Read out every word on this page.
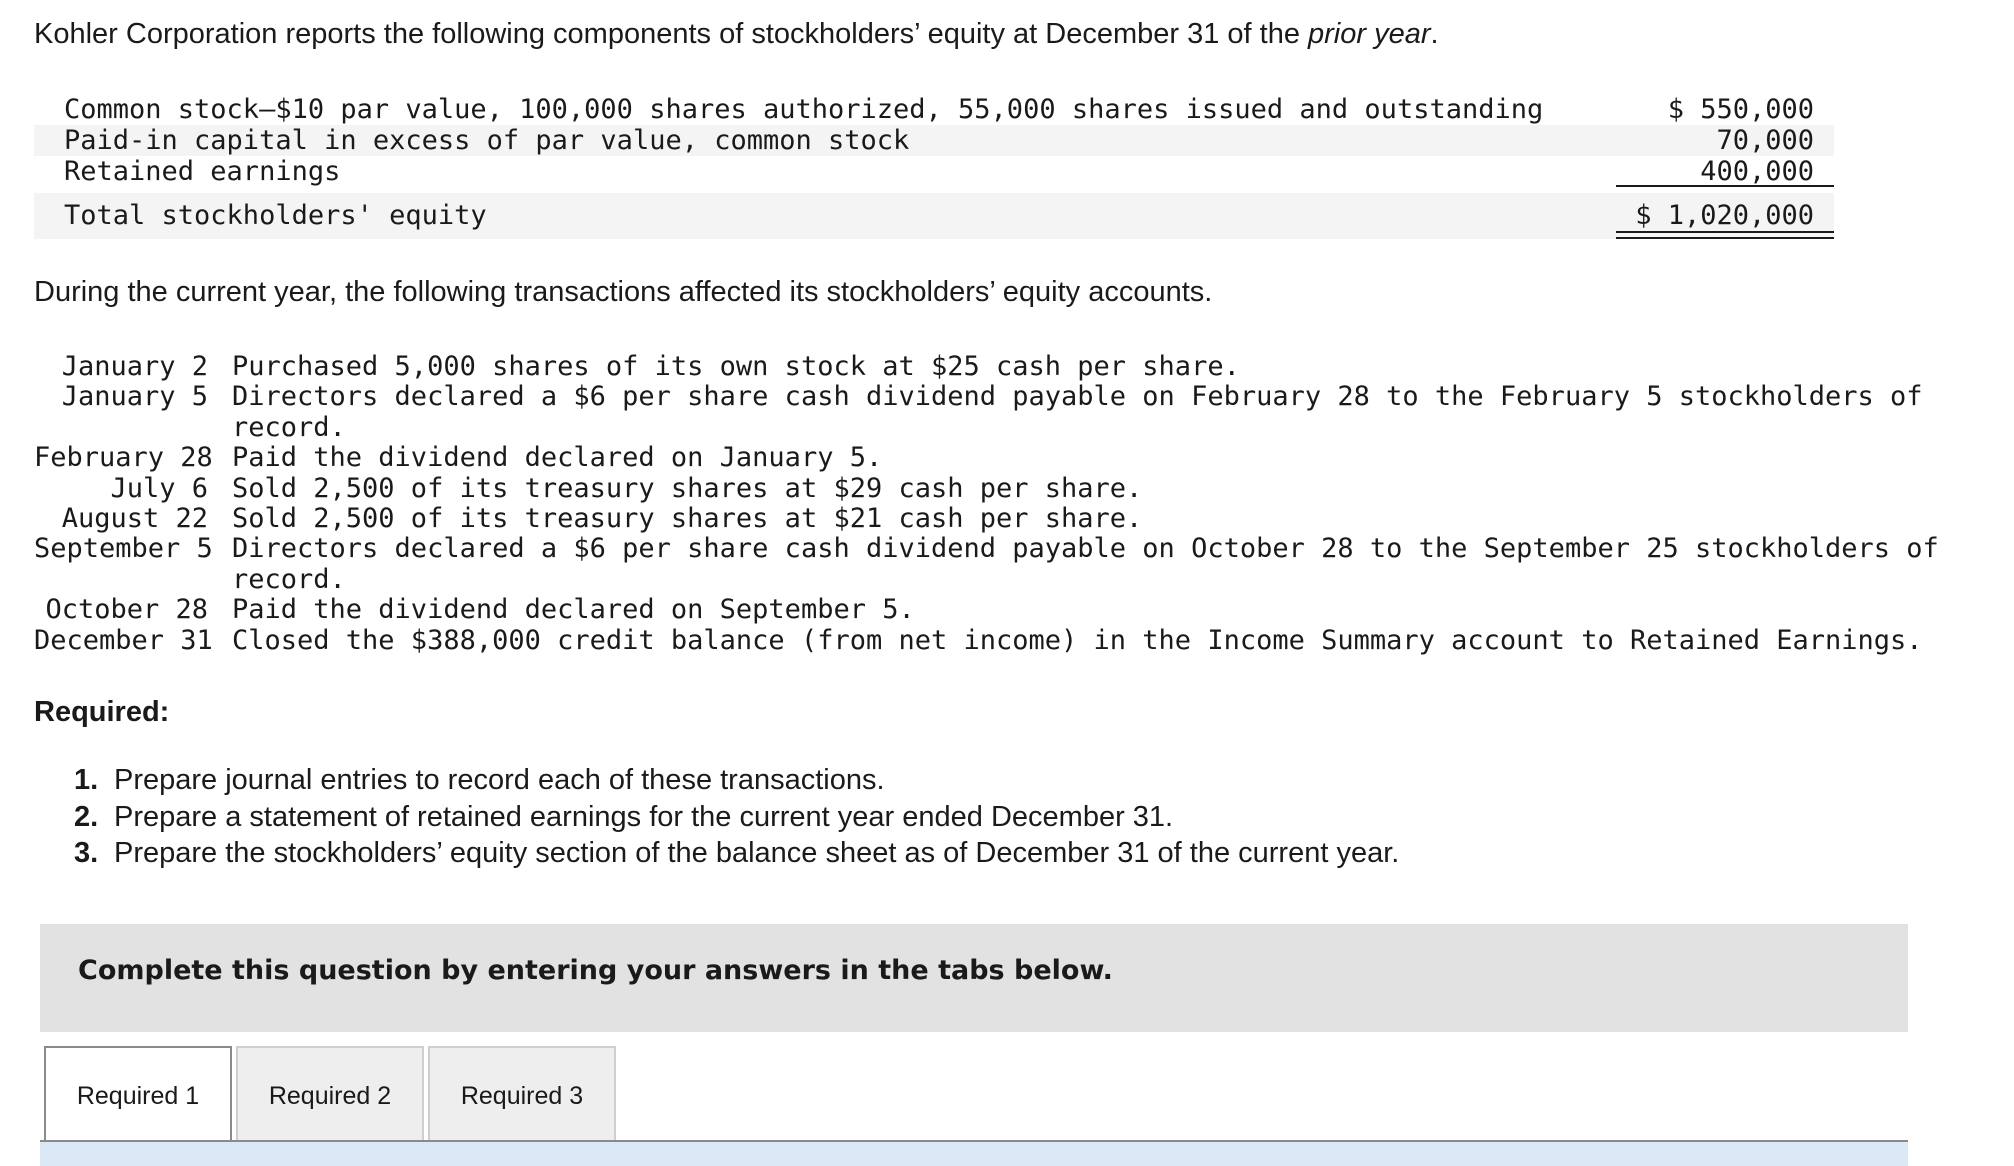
Kohler Corporation reports the following components of stockholders’ equity at December 31 of the prior year.

Common stock—$10 par value, 100,000 shares authorized, 55,000 shares issued and outstanding	$ 550,000
Paid-in capital in excess of par value, common stock	70,000
Retained earnings	400,000
Total stockholders' equity	$ 1,020,000

During the current year, the following transactions affected its stockholders’ equity accounts.

January 2 Purchased 5,000 shares of its own stock at $25 cash per share.
January 5 Directors declared a $6 per share cash dividend payable on February 28 to the February 5 stockholders of record.
February 28 Paid the dividend declared on January 5.
July 6 Sold 2,500 of its treasury shares at $29 cash per share.
August 22 Sold 2,500 of its treasury shares at $21 cash per share.
September 5 Directors declared a $6 per share cash dividend payable on October 28 to the September 25 stockholders of record.
October 28 Paid the dividend declared on September 5.
December 31 Closed the $388,000 credit balance (from net income) in the Income Summary account to Retained Earnings.

Required:

1. Prepare journal entries to record each of these transactions.
2. Prepare a statement of retained earnings for the current year ended December 31.
3. Prepare the stockholders’ equity section of the balance sheet as of December 31 of the current year.
Complete this question by entering your answers in the tabs below.
Required 1	Required 2	Required 3
